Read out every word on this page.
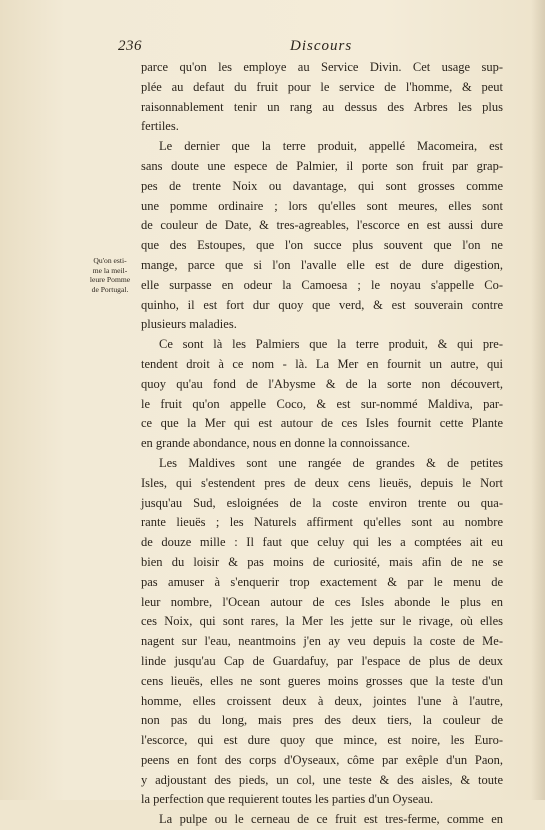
236	Discours
Qu'on esti-
me la meil-
leure Pomme
de Portugal.
parce qu'on les employe au Service Divin. Cet usage sup-
plée au defaut du fruit pour le service de l'homme, & peut
raisonnablement tenir un rang au dessus des Arbres les plus
fertiles.
Le dernier que la terre produit, appellé Macomeira, est
sans doute une espece de Palmier, il porte son fruit par grap-
pes de trente Noix ou davantage, qui sont grosses comme
une pomme ordinaire ; lors qu'elles sont meures, elles sont
de couleur de Date, & tres-agreables, l'escorce en est aussi dure
que des Estoupes, que l'on succe plus souvent que l'on ne
mange, parce que si l'on l'avalle elle est de dure digestion,
elle surpasse en odeur la Camoesa ; le noyau s'appelle Co-
quinho, il est fort dur quoy que verd, & est souverain contre
plusieurs maladies.
Ce sont là les Palmiers que la terre produit, & qui pre-
tendent droit à ce nom - là. La Mer en fournit un autre, qui
quoy qu'au fond de l'Abysme & de la sorte non découvert,
le fruit qu'on appelle Coco, & est sur-nommé Maldiva, par-
ce que la Mer qui est autour de ces Isles fournit cette Plante
en grande abondance, nous en donne la connoissance.
Les Maldives sont une rangée de grandes & de petites
Isles, qui s'estendent pres de deux cens lieuës, depuis le Nort
jusqu'au Sud, esloignées de la coste environ trente ou qua-
rante lieuës ; les Naturels affirment qu'elles sont au nombre
de douze mille : Il faut que celuy qui les a comptées ait eu
bien du loisir & pas moins de curiosité, mais afin de ne se
pas amuser à s'enquerir trop exactement & par le menu de
leur nombre, l'Ocean autour de ces Isles abonde le plus en
ces Noix, qui sont rares, la Mer les jette sur le rivage, où elles
nagent sur l'eau, neantmoins j'en ay veu depuis la coste de Me-
linde jusqu'au Cap de Guardafuy, par l'espace de plus de deux
cens lieuës, elles ne sont gueres moins grosses que la teste d'un
homme, elles croissent deux à deux, jointes l'une à l'autre,
non pas du long, mais pres des deux tiers, la couleur de
l'escorce, qui est dure quoy que mince, est noire, les Euro-
peens en font des corps d'Oyseaux, côme par exêple d'un Paon,
y adjoustant des pieds, un col, une teste & des aisles, & toute
la perfection que requierent toutes les parties d'un Oyseau.
La pulpe ou le cerneau de ce fruit est tres-ferme, comme en
